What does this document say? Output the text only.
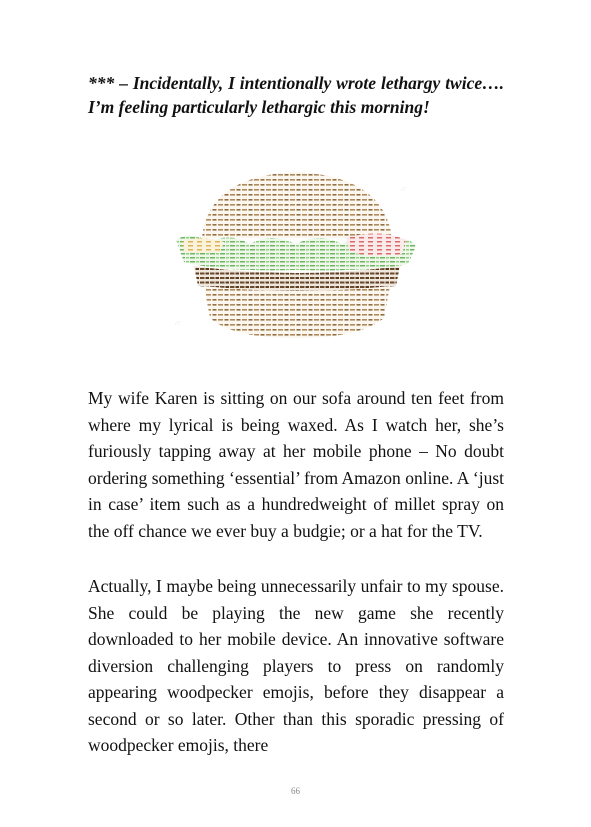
*** – Incidentally, I intentionally wrote lethargy twice…. I’m feeling particularly lethargic this morning!

·:·
·:·

My wife Karen is sitting on our sofa around ten feet from where my lyrical is being waxed. As I watch her, she’s furiously tapping away at her mobile phone – No doubt ordering something ‘essential’ from Amazon online. A ‘just in case’ item such as a hundredweight of millet spray on the off chance we ever buy a budgie; or a hat for the TV.

Actually, I maybe being unnecessarily unfair to my spouse. She could be playing the new game she recently downloaded to her mobile device. An innovative software diversion challenging players to press on randomly appearing woodpecker emojis, before they disappear a second or so later. Other than this sporadic pressing of woodpecker emojis, there

66
